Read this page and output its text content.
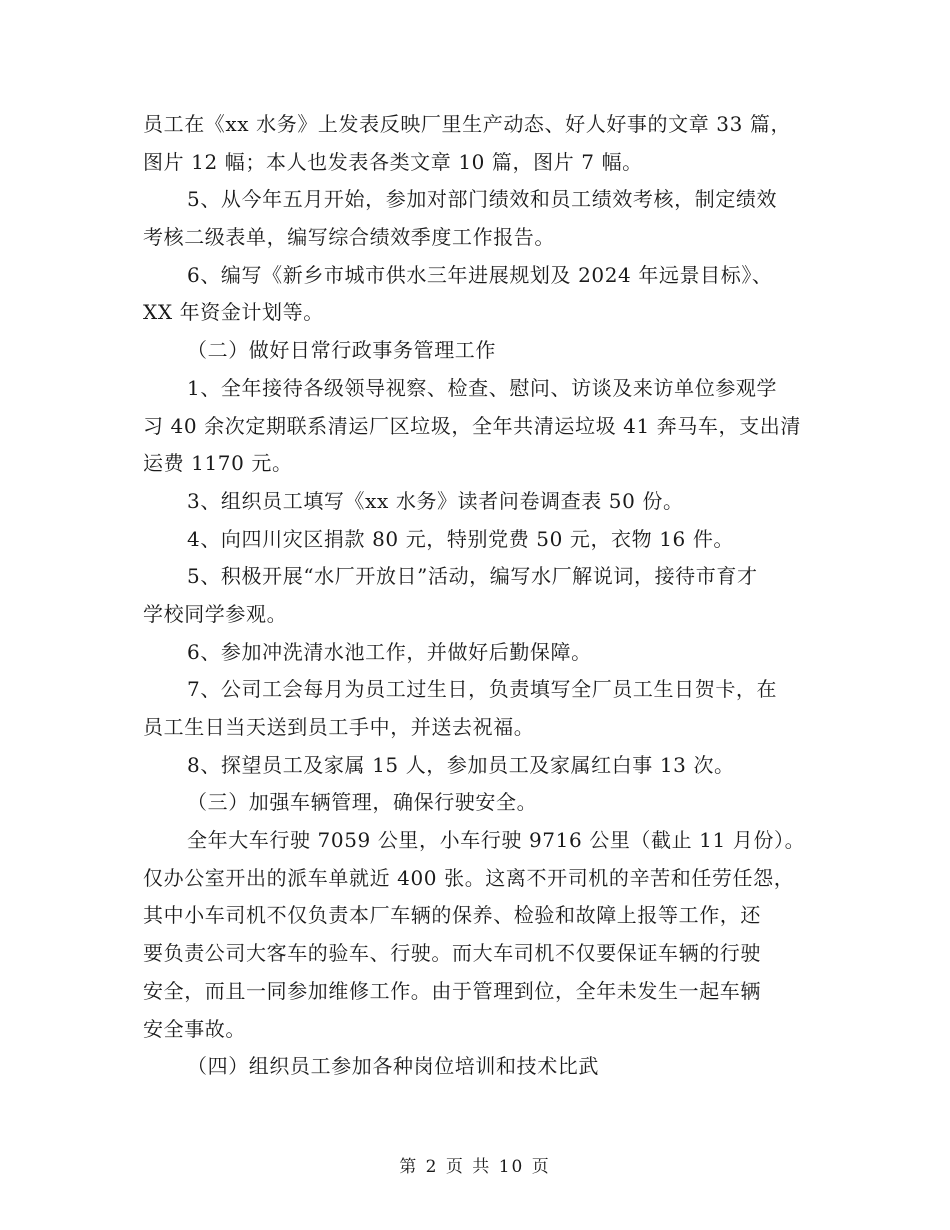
员工在《xx 水务》上发表反映厂里生产动态、好人好事的文章 33 篇，
图片 12 幅；本人也发表各类文章 10 篇，图片 7 幅。
5、从今年五月开始，参加对部门绩效和员工绩效考核，制定绩效
考核二级表单，编写综合绩效季度工作报告。
6、编写《新乡市城市供水三年进展规划及 2024 年远景目标》、
XX 年资金计划等。
（二）做好日常行政事务管理工作
1、全年接待各级领导视察、检查、慰问、访谈及来访单位参观学
习 40 余次定期联系清运厂区垃圾，全年共清运垃圾 41 奔马车，支出清
运费 1170 元。
3、组织员工填写《xx 水务》读者问卷调查表 50 份。
4、向四川灾区捐款 80 元，特别党费 50 元，衣物 16 件。
5、积极开展“水厂开放日”活动，编写水厂解说词，接待市育才
学校同学参观。
6、参加冲洗清水池工作，并做好后勤保障。
7、公司工会每月为员工过生日，负责填写全厂员工生日贺卡，在
员工生日当天送到员工手中，并送去祝福。
8、探望员工及家属 15 人，参加员工及家属红白事 13 次。
（三）加强车辆管理，确保行驶安全。
全年大车行驶 7059 公里，小车行驶 9716 公里（截止 11 月份）。
仅办公室开出的派车单就近 400 张。这离不开司机的辛苦和任劳任怨，
其中小车司机不仅负责本厂车辆的保养、检验和故障上报等工作，还
要负责公司大客车的验车、行驶。而大车司机不仅要保证车辆的行驶
安全，而且一同参加维修工作。由于管理到位，全年未发生一起车辆
安全事故。
（四）组织员工参加各种岗位培训和技术比武
第 2 页 共 10 页
